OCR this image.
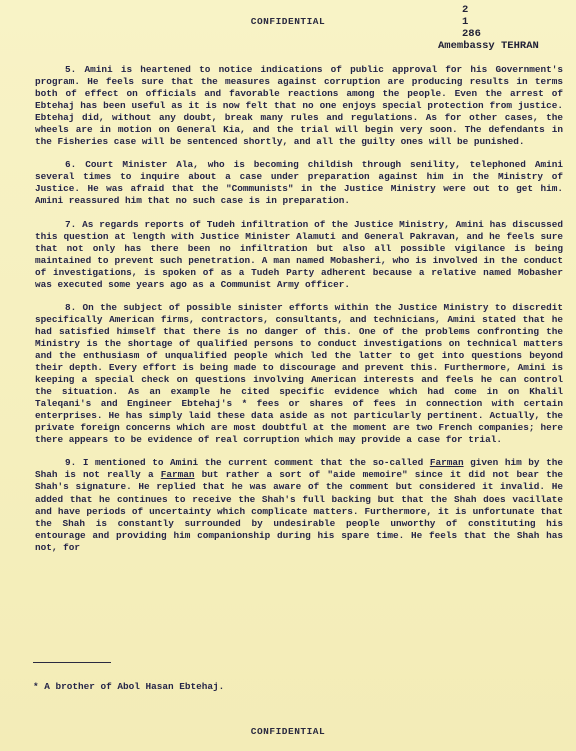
CONFIDENTIAL
2
1
286

Amembassy TEHRAN

5. Amini is heartened to notice indications of public approval for his Government's program. He feels sure that the measures against corruption are producing results in terms both of effect on officials and favorable reactions among the people. Even the arrest of Ebtehaj has been useful as it is now felt that no one enjoys special protection from justice. Ebtehaj did, without any doubt, break many rules and regulations. As for other cases, the wheels are in motion on General Kia, and the trial will begin very soon. The defendants in the Fisheries case will be sentenced shortly, and all the guilty ones will be punished.

6. Court Minister Ala, who is becoming childish through senility, telephoned Amini several times to inquire about a case under preparation against him in the Ministry of Justice. He was afraid that the "Communists" in the Justice Ministry were out to get him. Amini reassured him that no such case is in preparation.

7. As regards reports of Tudeh infiltration of the Justice Ministry, Amini has discussed this question at length with Justice Minister Alamuti and General Pakravan, and he feels sure that not only has there been no infiltration but also all possible vigilance is being maintained to prevent such penetration. A man named Mobasheri, who is involved in the conduct of investigations, is spoken of as a Tudeh Party adherent because a relative named Mobasher was executed some years ago as a Communist Army officer.

8. On the subject of possible sinister efforts within the Justice Ministry to discredit specifically American firms, contractors, consultants, and technicians, Amini stated that he had satisfied himself that there is no danger of this. One of the problems confronting the Ministry is the shortage of qualified persons to conduct investigations on technical matters and the enthusiasm of unqualified people which led the latter to get into questions beyond their depth. Every effort is being made to discourage and prevent this. Furthermore, Amini is keeping a special check on questions involving American interests and feels he can control the situation. As an example he cited specific evidence which had come in on Khalil Taleqani's and Engineer Ebtehaj's * fees or shares of fees in connection with certain enterprises. He has simply laid these data aside as not particularly pertinent. Actually, the private foreign concerns which are most doubtful at the moment are two French companies; here there appears to be evidence of real corruption which may provide a case for trial.

9. I mentioned to Amini the current comment that the so-called Farman given him by the Shah is not really a Farman but rather a sort of "aide memoire" since it did not bear the Shah's signature. He replied that he was aware of the comment but considered it invalid. He added that he continues to receive the Shah's full backing but that the Shah does vacillate and have periods of uncertainty which complicate matters. Furthermore, it is unfortunate that the Shah is constantly surrounded by undesirable people unworthy of constituting his entourage and providing him companionship during his spare time. He feels that the Shah has not, for

* A brother of Abol Hasan Ebtehaj.
CONFIDENTIAL
